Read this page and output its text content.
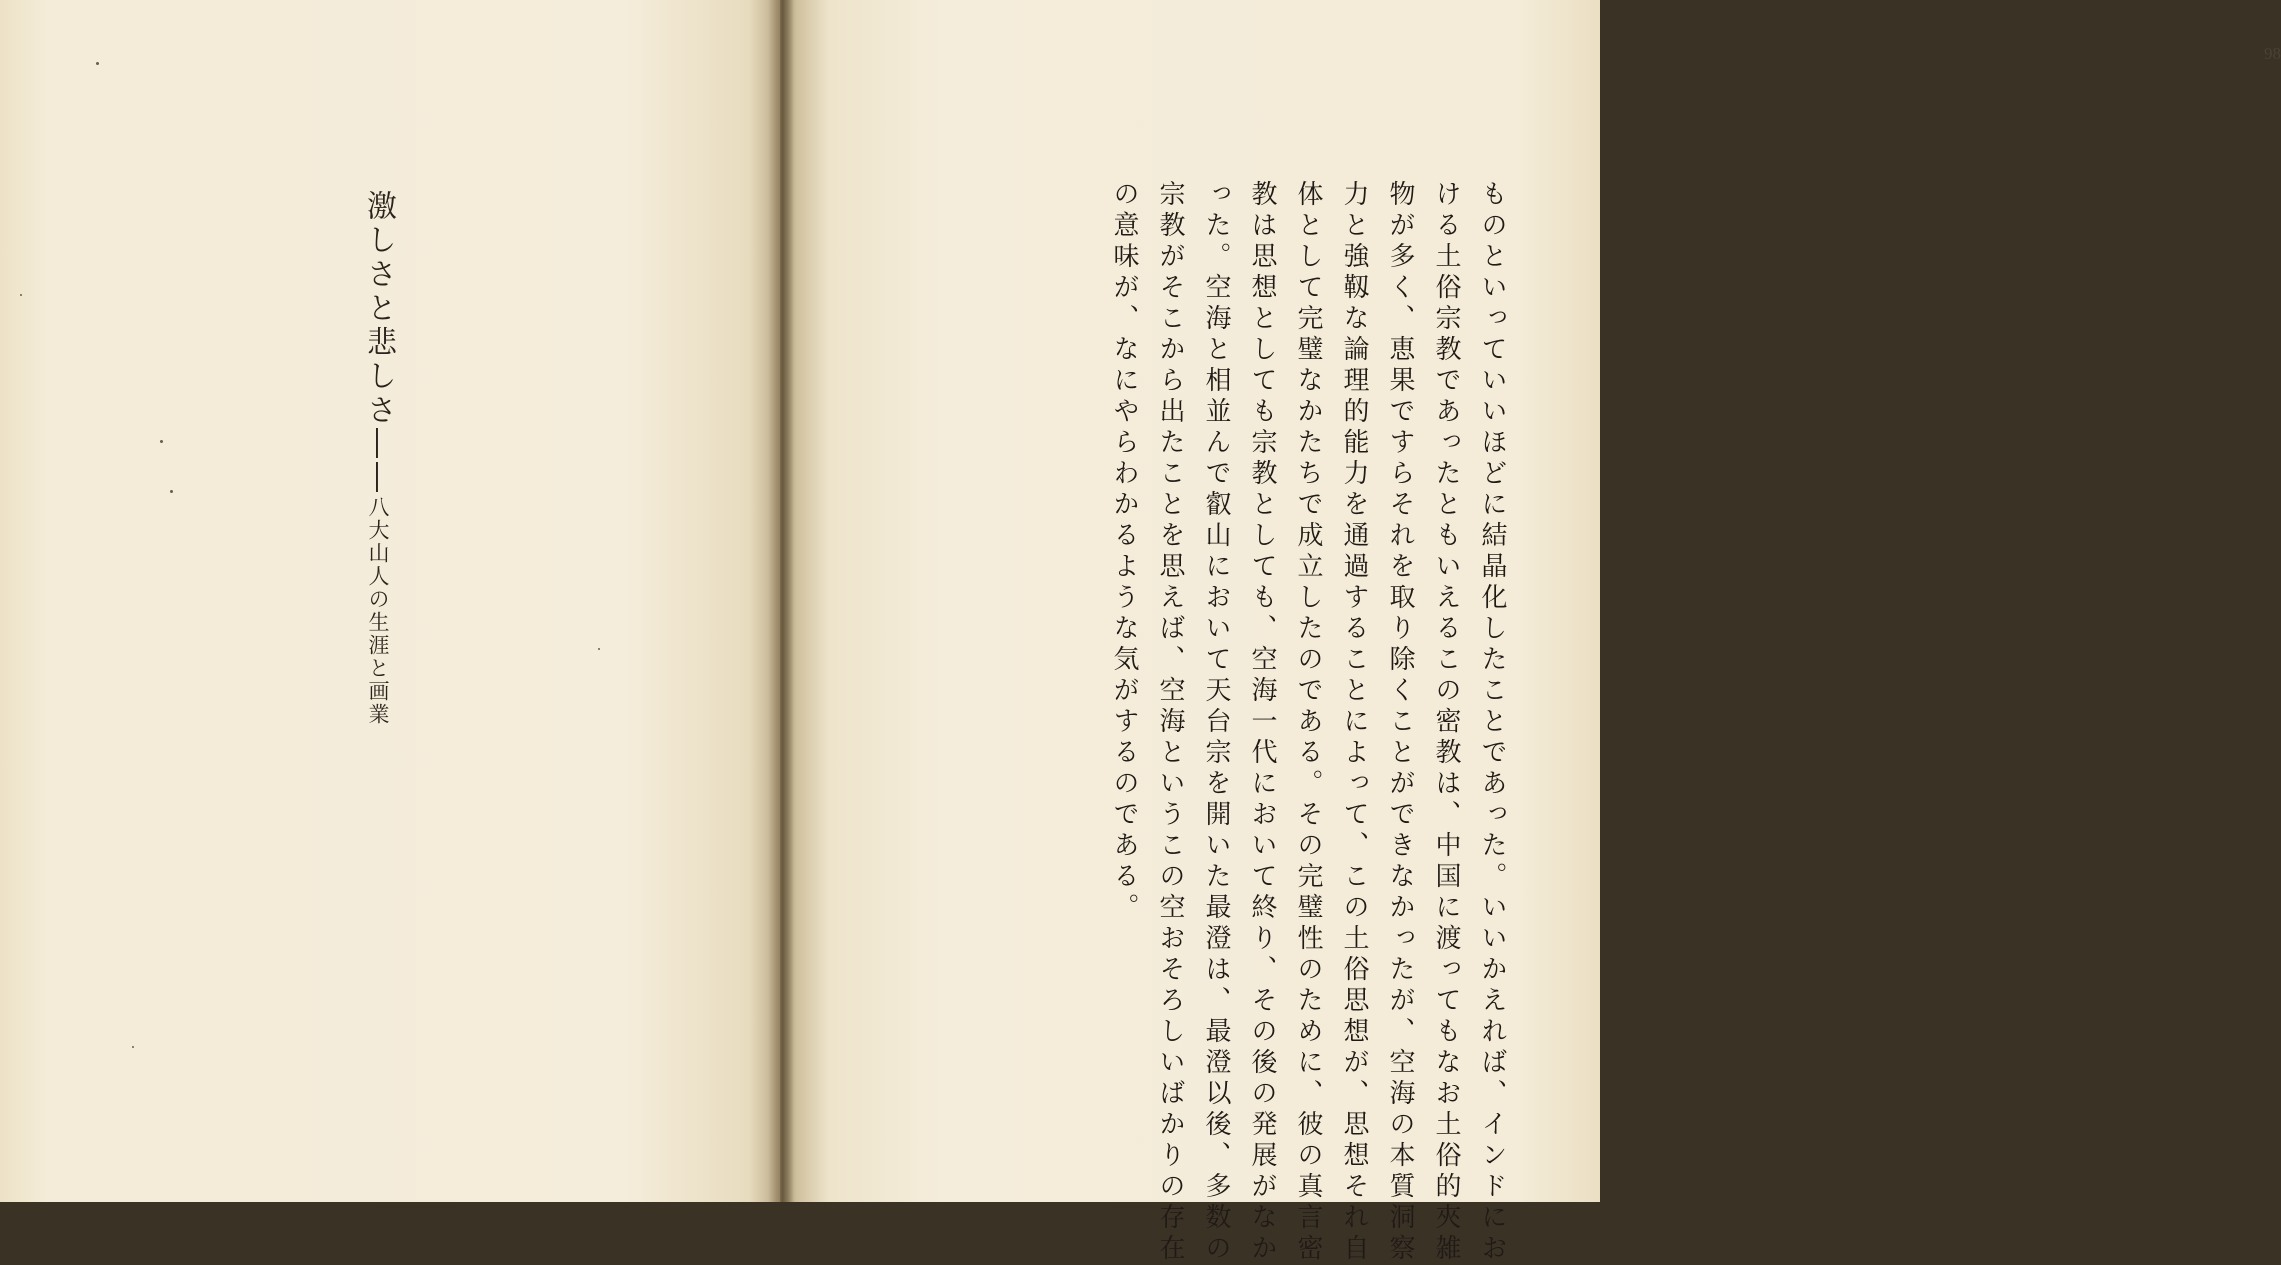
激しさと悲しさ――八大山人の生涯と画業
98
ものといっていいほどに結晶化したことであった。いいかえれば、インドにお
ける土俗宗教であったともいえるこの密教は、中国に渡ってもなお土俗的夾雑
物が多く、恵果ですらそれを取り除くことができなかったが、空海の本質洞察
力と強靱な論理的能力を通過することによって、この土俗思想が、思想それ自
体として完璧なかたちで成立したのである。その完璧性のために、彼の真言密
教は思想としても宗教としても、空海一代において終り、その後の発展がなか
った。空海と相並んで叡山において天台宗を開いた最澄は、最澄以後、多数の
宗教がそこから出たことを思えば、空海というこの空おそろしいばかりの存在
の意味が、なにやらわかるような気がするのである。
